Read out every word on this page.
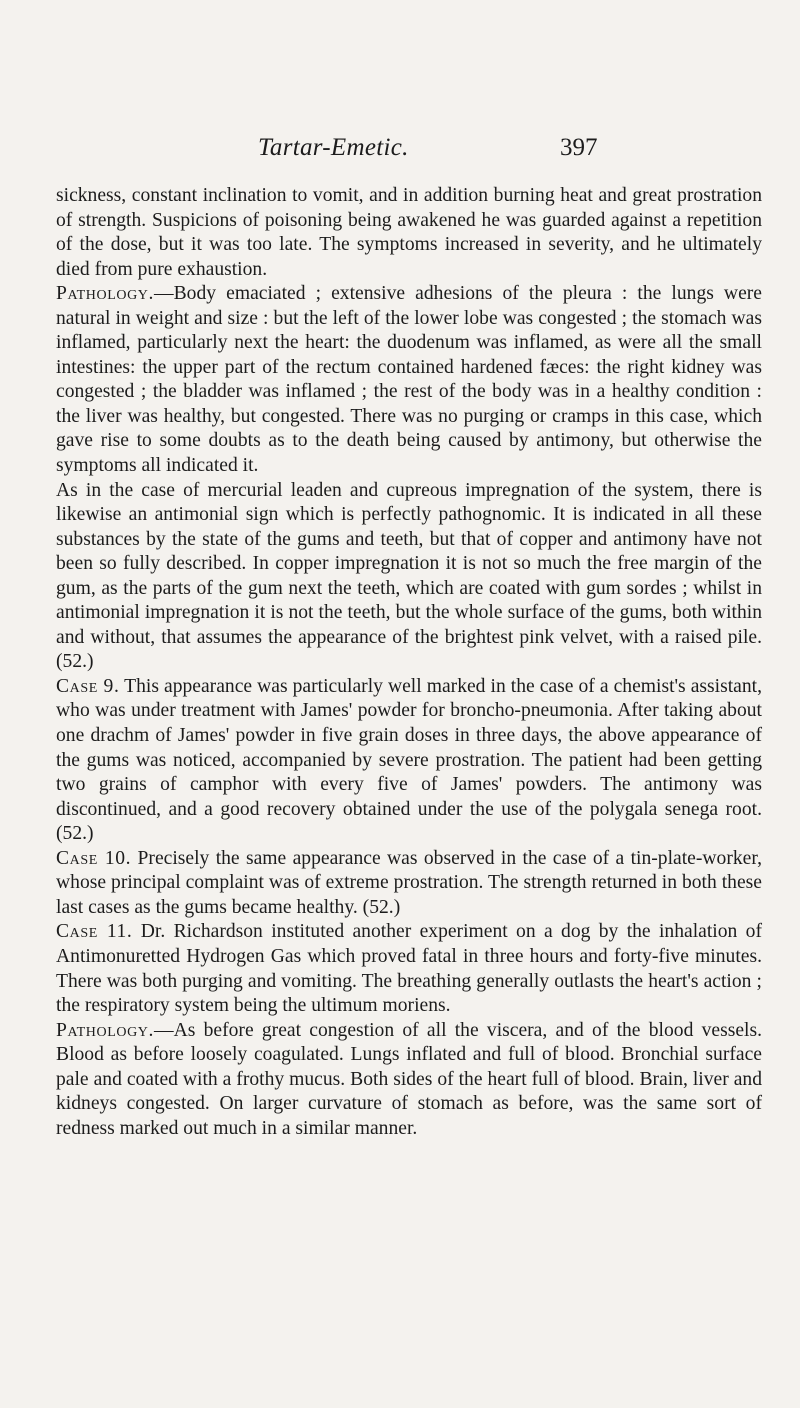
Tartar-Emetic.	397

sickness, constant inclination to vomit, and in addition burning heat and great prostration of strength. Suspicions of poisoning being awakened he was guarded against a repetition of the dose, but it was too late. The symptoms increased in severity, and he ultimately died from pure exhaustion.

Pathology.—Body emaciated ; extensive adhesions of the pleura : the lungs were natural in weight and size : but the left of the lower lobe was congested ; the stomach was inflamed, particularly next the heart: the duodenum was inflamed, as were all the small intestines: the upper part of the rectum contained hardened fæces: the right kidney was congested ; the bladder was inflamed ; the rest of the body was in a healthy condition : the liver was healthy, but congested. There was no purging or cramps in this case, which gave rise to some doubts as to the death being caused by antimony, but otherwise the symptoms all indicated it.

As in the case of mercurial leaden and cupreous impregnation of the system, there is likewise an antimonial sign which is perfectly pathognomic. It is indicated in all these substances by the state of the gums and teeth, but that of copper and antimony have not been so fully described. In copper impregnation it is not so much the free margin of the gum, as the parts of the gum next the teeth, which are coated with gum sordes ; whilst in antimonial impregnation it is not the teeth, but the whole surface of the gums, both within and without, that assumes the appearance of the brightest pink velvet, with a raised pile. (52.)

Case 9. This appearance was particularly well marked in the case of a chemist's assistant, who was under treatment with James' powder for broncho-pneumonia. After taking about one drachm of James' powder in five grain doses in three days, the above appearance of the gums was noticed, accompanied by severe prostration. The patient had been getting two grains of camphor with every five of James' powders. The antimony was discontinued, and a good recovery obtained under the use of the polygala senega root. (52.)

Case 10. Precisely the same appearance was observed in the case of a tin-plate-worker, whose principal complaint was of extreme prostration. The strength returned in both these last cases as the gums became healthy. (52.)

Case 11. Dr. Richardson instituted another experiment on a dog by the inhalation of Antimonuretted Hydrogen Gas which proved fatal in three hours and forty-five minutes. There was both purging and vomiting. The breathing generally outlasts the heart's action ; the respiratory system being the ultimum moriens.

Pathology.—As before great congestion of all the viscera, and of the blood vessels. Blood as before loosely coagulated. Lungs inflated and full of blood. Bronchial surface pale and coated with a frothy mucus. Both sides of the heart full of blood. Brain, liver and kidneys congested. On larger curvature of stomach as before, was the same sort of redness marked out much in a similar manner.
